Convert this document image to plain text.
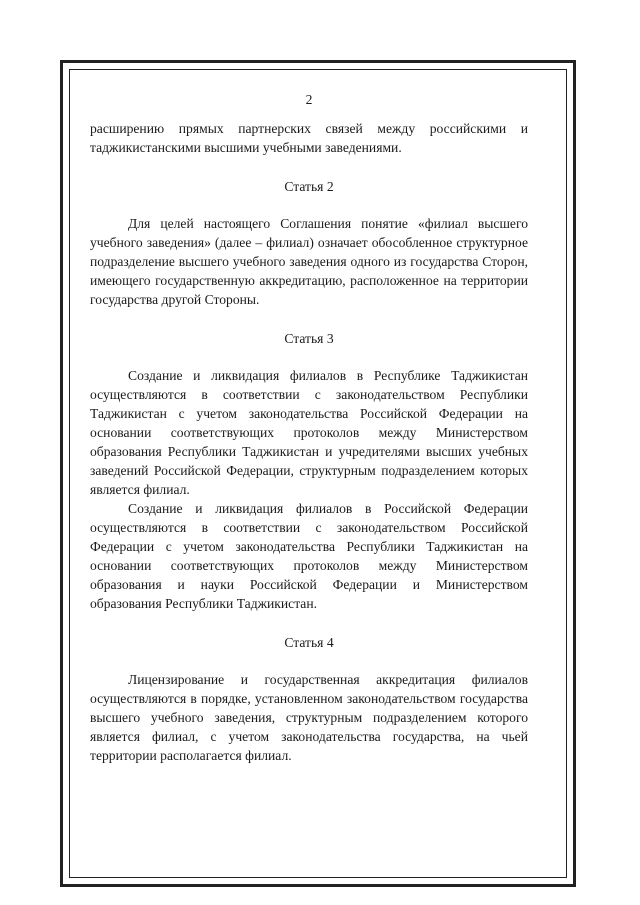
2

расширению прямых партнерских связей между российскими и таджикистанскими высшими учебными заведениями.

Статья 2

Для целей настоящего Соглашения понятие «филиал высшего учебного заведения» (далее – филиал) означает обособленное структурное подразделение высшего учебного заведения одного из государства Сторон, имеющего государственную аккредитацию, расположенное на территории государства другой Стороны.

Статья 3

Создание и ликвидация филиалов в Республике Таджикистан осуществляются в соответствии с законодательством Республики Таджикистан с учетом законодательства Российской Федерации на основании соответствующих протоколов между Министерством образования Республики Таджикистан и учредителями высших учебных заведений Российской Федерации, структурным подразделением которых является филиал.

Создание и ликвидация филиалов в Российской Федерации осуществляются в соответствии с законодательством Российской Федерации с учетом законодательства Республики Таджикистан на основании соответствующих протоколов между Министерством образования и науки Российской Федерации и Министерством образования Республики Таджикистан.

Статья 4

Лицензирование и государственная аккредитация филиалов осуществляются в порядке, установленном законодательством государства высшего учебного заведения, структурным подразделением которого является филиал, с учетом законодательства государства, на чьей территории располагается филиал.
